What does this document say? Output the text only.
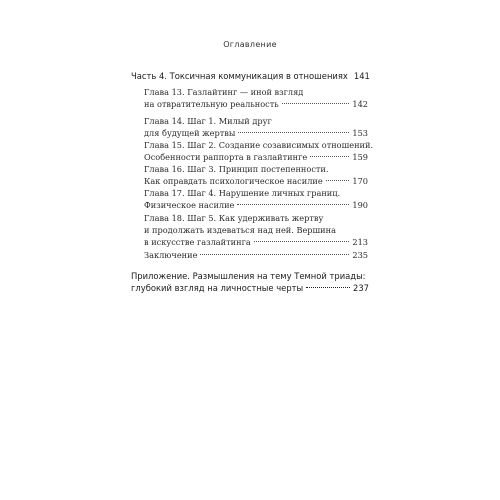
Оглавление
Часть 4. Токсичная коммуникация в отношениях 141
Глава 13. Газлайтинг — иной взгляд
на отвратительную реальность	142
Глава 14. Шаг 1. Милый друг
для будущей жертвы	153
Глава 15. Шаг 2. Создание созависимых отношений.
Особенности раппорта в газлайтинге	159
Глава 16. Шаг 3. Принцип постепенности.
Как оправдать психологическое насилие	170
Глава 17. Шаг 4. Нарушение личных границ.
Физическое насилие	190
Глава 18. Шаг 5. Как удерживать жертву
и продолжать издеваться над ней. Вершина
в искусстве газлайтинга	213
Заключение	235
Приложение. Размышления на тему Темной триады:
глубокий взгляд на личностные черты	237
